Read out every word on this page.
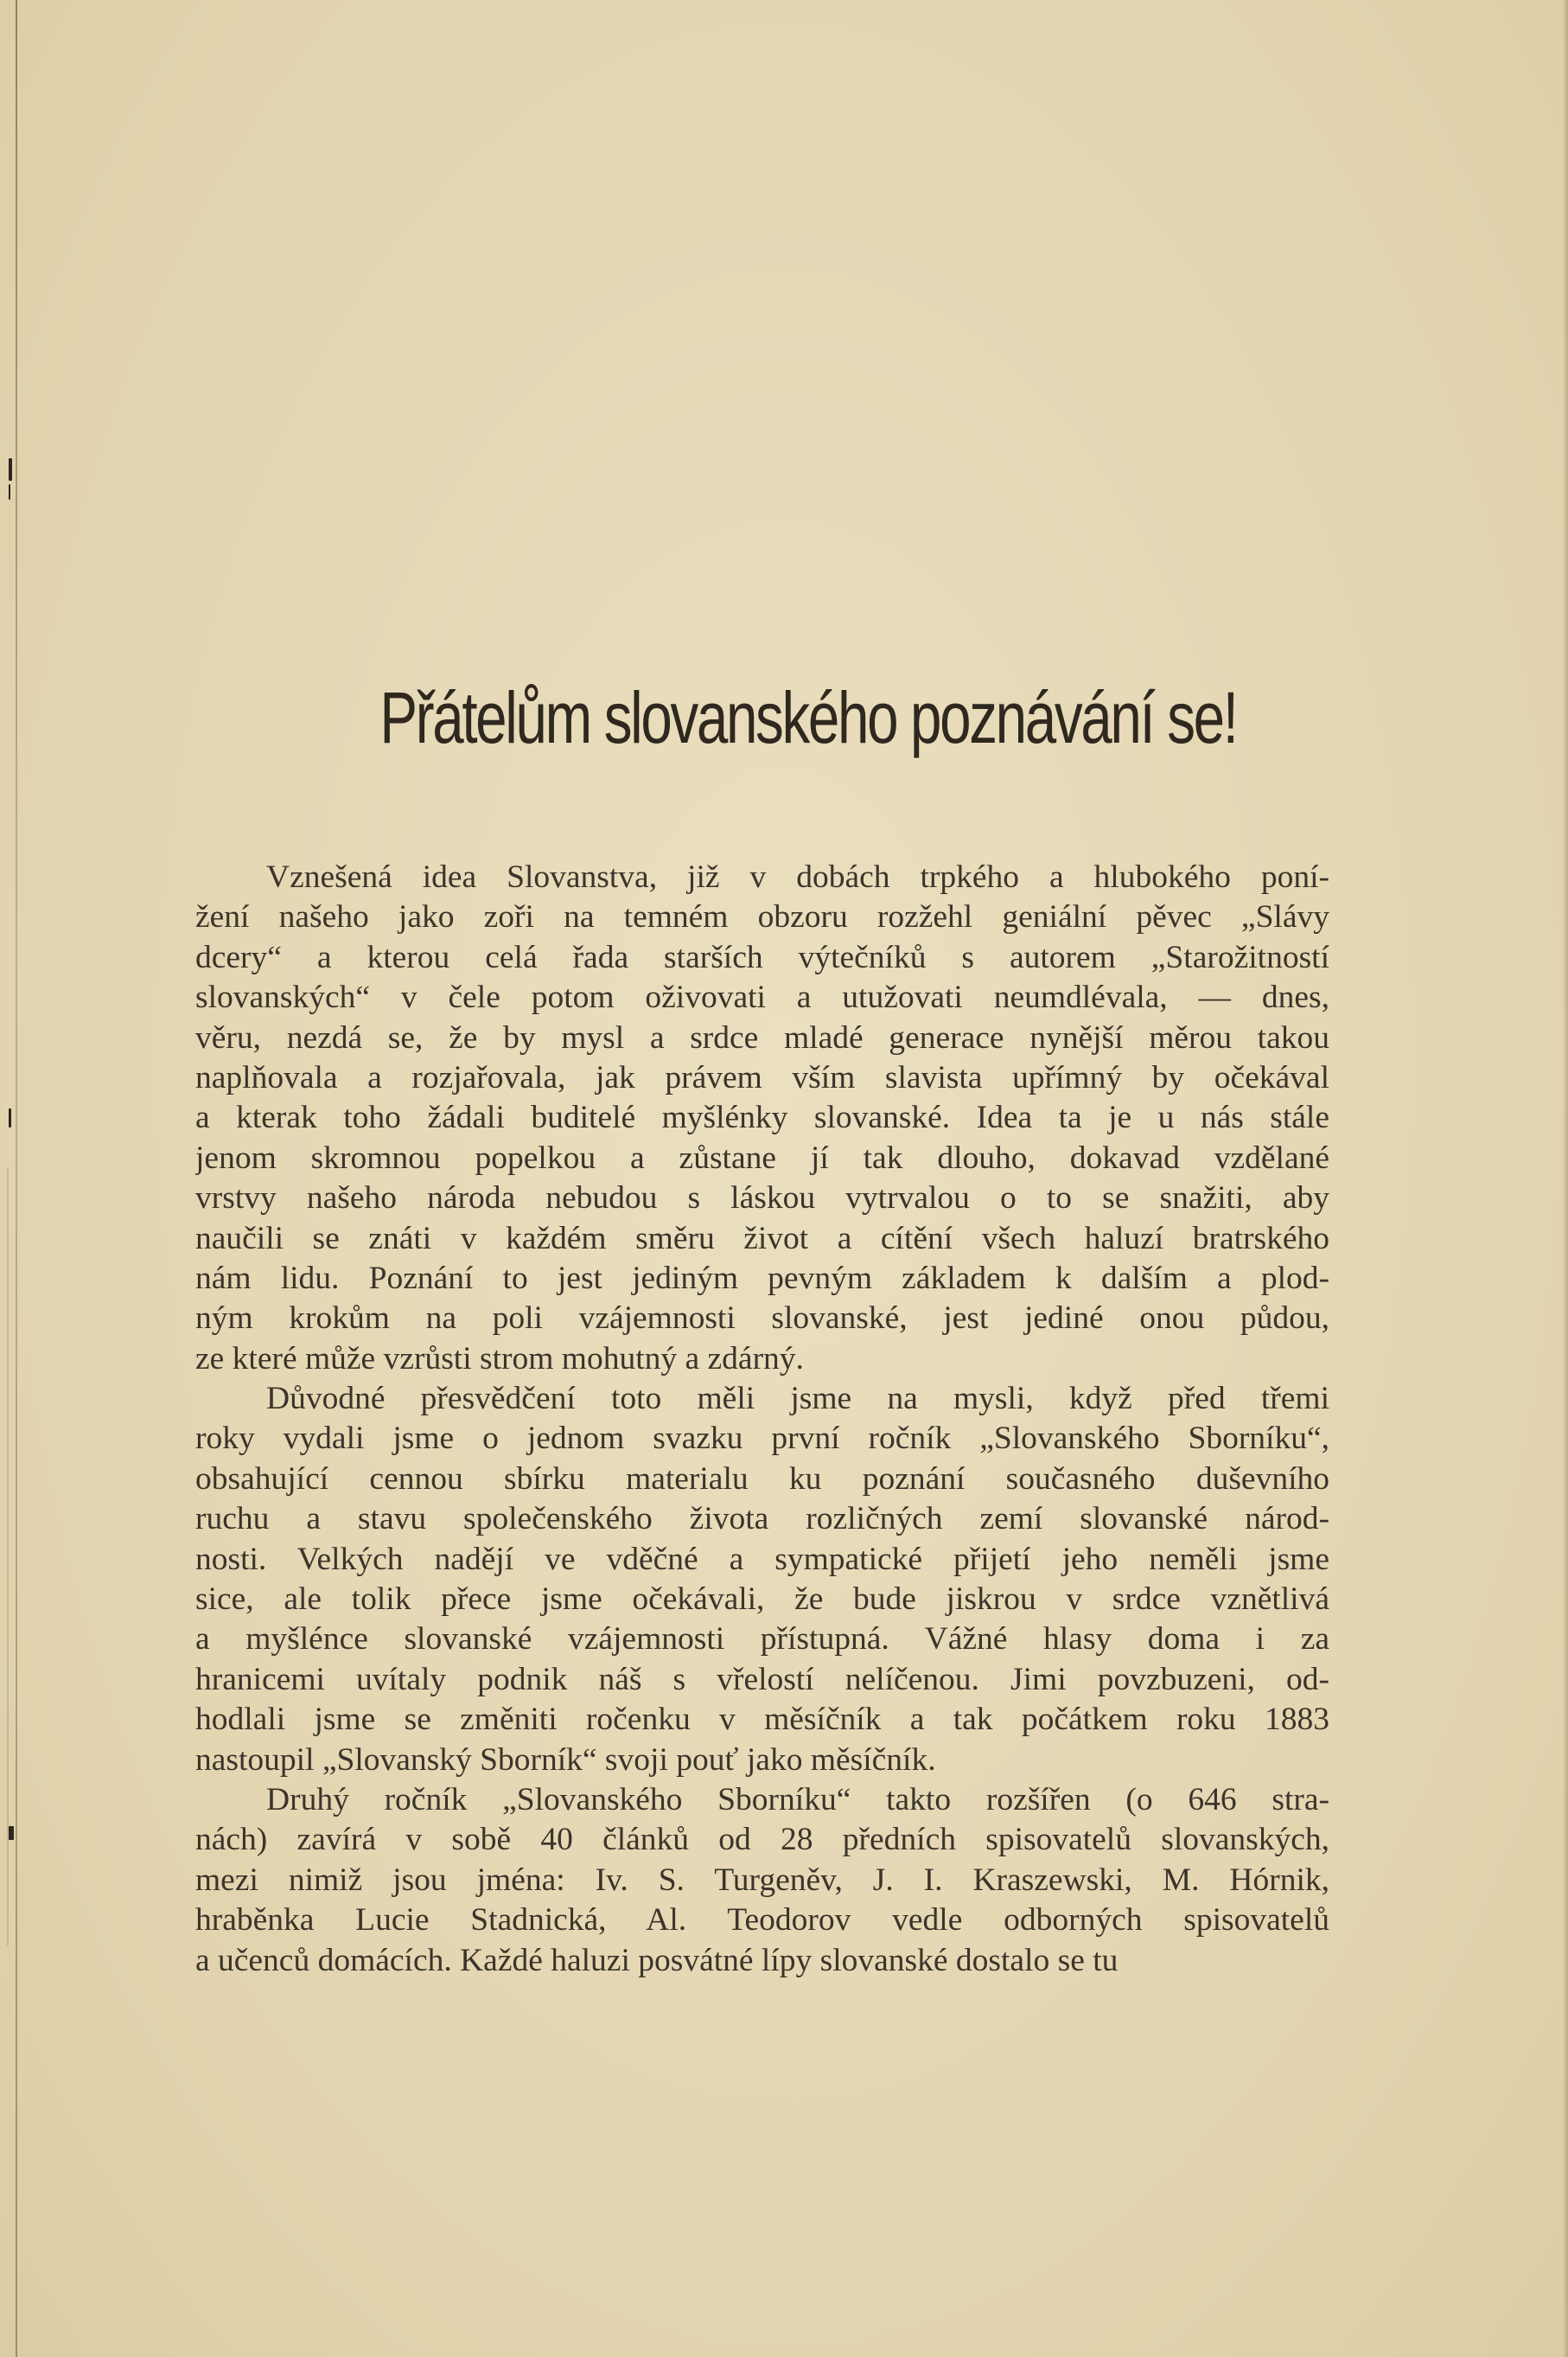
Přátelům slovanského poznávání se!
Vznešená idea Slovanstva, již v dobách trpkého a hlubokého poní-
žení našeho jako zoři na temném obzoru rozžehl geniální pěvec „Slávy
dcery“ a kterou celá řada starších výtečníků s autorem „Starožitností
slovanských“ v čele potom oživovati a utužovati neumdlévala, — dnes,
věru, nezdá se, že by mysl a srdce mladé generace nynější měrou takou
naplňovala a rozjařovala, jak právem vším slavista upřímný by očekával
a kterak toho žádali buditelé myšlénky slovanské. Idea ta je u nás stále
jenom skromnou popelkou a zůstane jí tak dlouho, dokavad vzdělané
vrstvy našeho národa nebudou s láskou vytrvalou o to se snažiti, aby
naučili se znáti v každém směru život a cítění všech haluzí bratrského
nám lidu. Poznání to jest jediným pevným základem k dalším a plod-
ným krokům na poli vzájemnosti slovanské, jest jediné onou půdou,
ze které může vzrůsti strom mohutný a zdárný.
Důvodné přesvědčení toto měli jsme na mysli, když před třemi
roky vydali jsme o jednom svazku první ročník „Slovanského Sborníku“,
obsahující cennou sbírku materialu ku poznání současného duševního
ruchu a stavu společenského života rozličných zemí slovanské národ-
nosti. Velkých nadějí ve vděčné a sympatické přijetí jeho neměli jsme
sice, ale tolik přece jsme očekávali, že bude jiskrou v srdce vznětlivá
a myšlénce slovanské vzájemnosti přístupná. Vážné hlasy doma i za
hranicemi uvítaly podnik náš s vřelostí nelíčenou. Jimi povzbuzeni, od-
hodlali jsme se změniti ročenku v měsíčník a tak počátkem roku 1883
nastoupil „Slovanský Sborník“ svoji pouť jako měsíčník.
Druhý ročník „Slovanského Sborníku“ takto rozšířen (o 646 stra-
nách) zavírá v sobě 40 článků od 28 předních spisovatelů slovanských,
mezi nimiž jsou jména: Iv. S. Turgeněv, J. I. Kraszewski, M. Hórnik,
hraběnka Lucie Stadnická, Al. Teodorov vedle odborných spisovatelů
a učenců domácích. Každé haluzi posvátné lípy slovanské dostalo se tu
